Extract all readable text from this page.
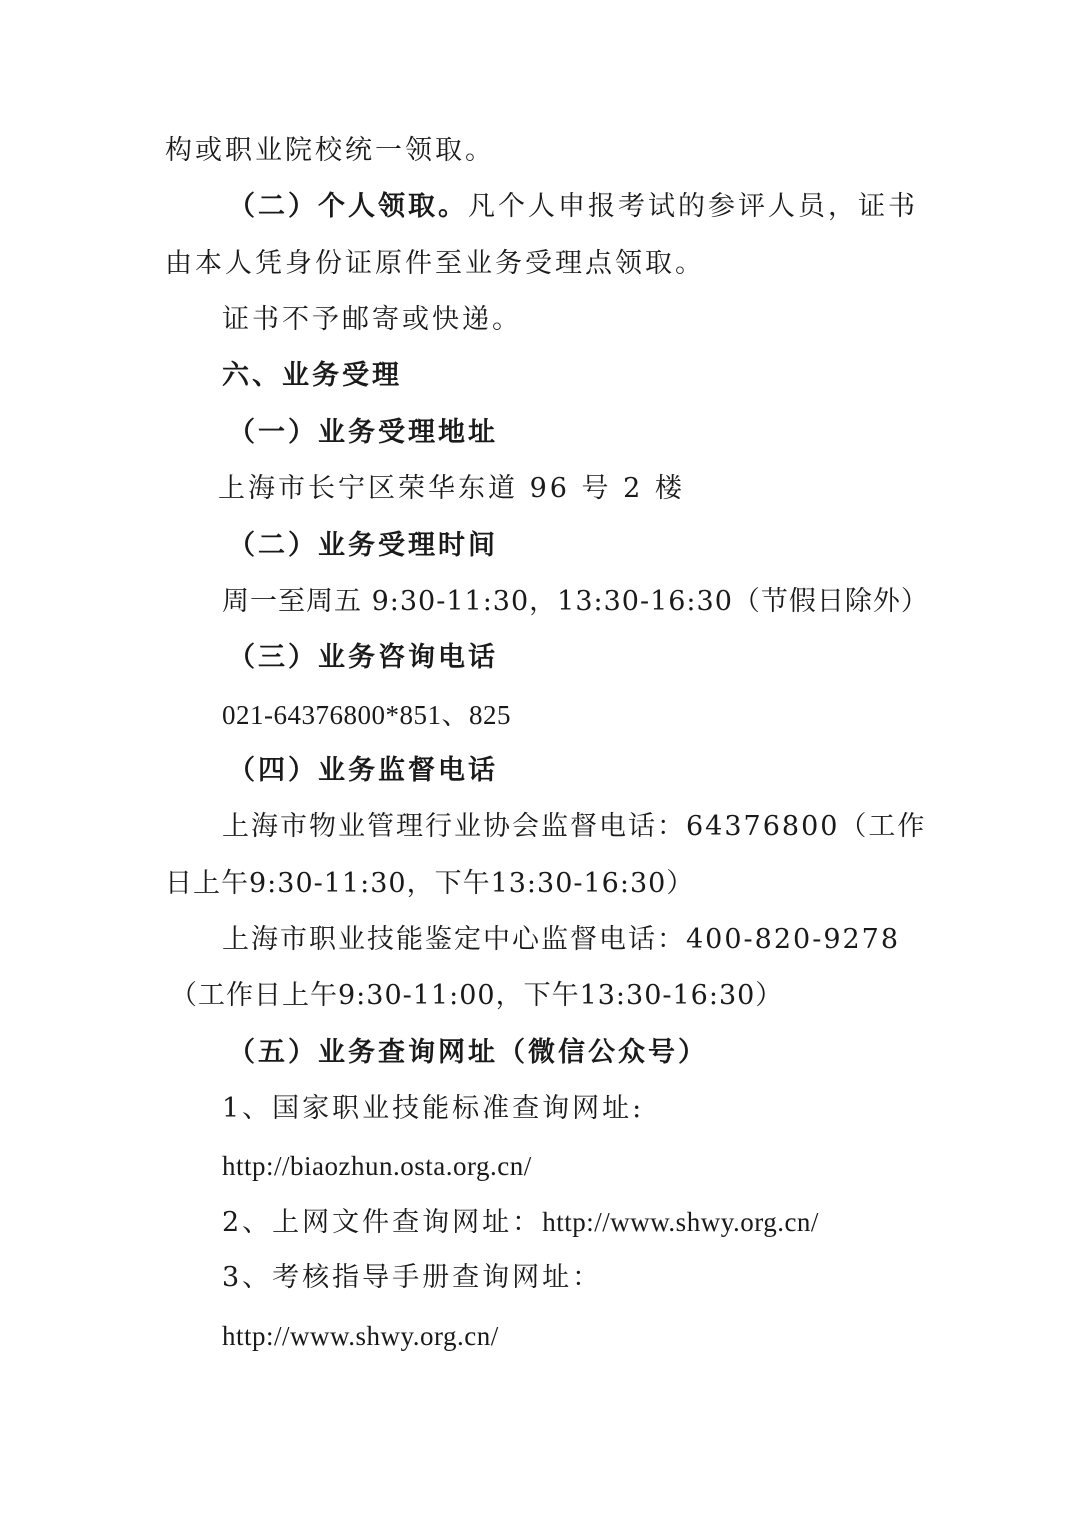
构或职业院校统一领取。
（二）个人领取。凡个人申报考试的参评人员，证书
由本人凭身份证原件至业务受理点领取。
证书不予邮寄或快递。
六、业务受理
（一）业务受理地址
上海市长宁区荣华东道 96 号 2 楼
（二）业务受理时间
周一至周五 9:30-11:30，13:30-16:30（节假日除外）
（三）业务咨询电话
021-64376800*851、825
（四）业务监督电话
上海市物业管理行业协会监督电话：64376800（工作
日上午9:30-11:30，下午13:30-16:30）
上海市职业技能鉴定中心监督电话：400-820-9278
（工作日上午9:30-11:00，下午13:30-16:30）
（五）业务查询网址（微信公众号）
1、国家职业技能标准查询网址:
http://biaozhun.osta.org.cn/
2、上网文件查询网址：http://www.shwy.org.cn/
3、考核指导手册查询网址：
http://www.shwy.org.cn/
